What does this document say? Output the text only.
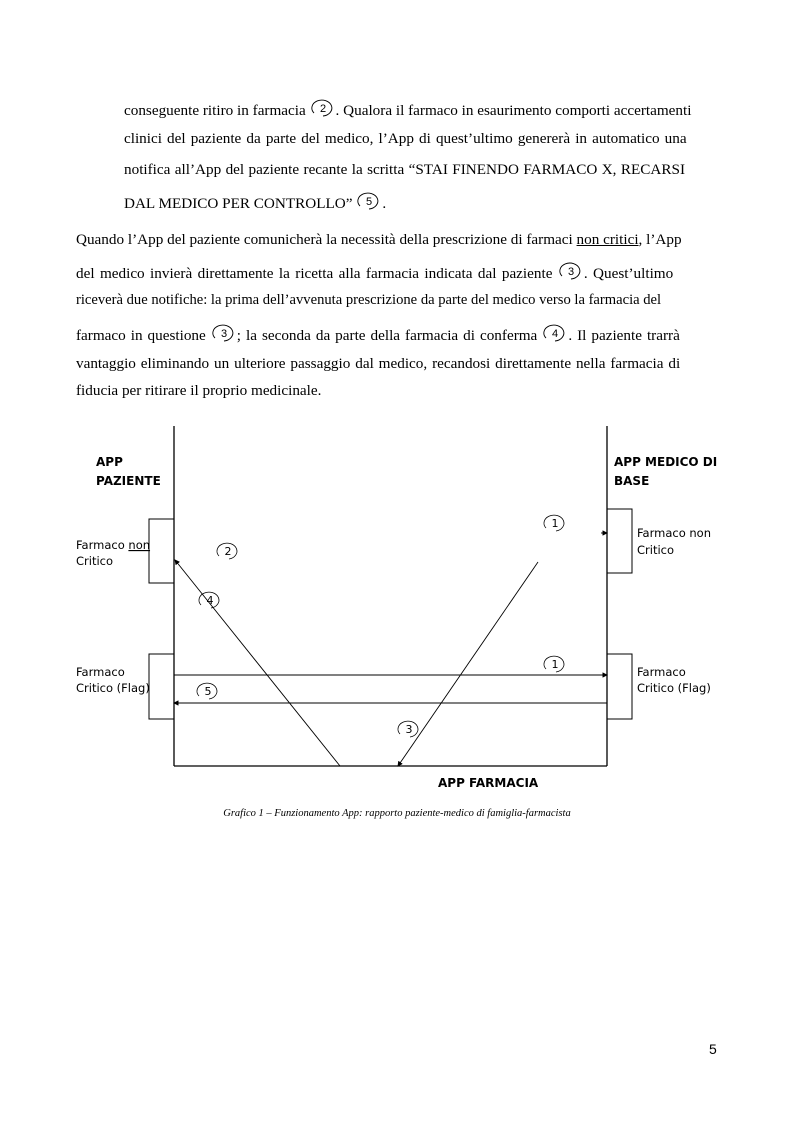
conseguente ritiro in farmacia 2 . Qualora il farmaco in esaurimento comporti accertamenti
clinici del paziente da parte del medico, l’App di quest’ultimo genererà in automatico una
notifica all’App del paziente recante la scritta “STAI FINENDO FARMACO X, RECARSI
DAL MEDICO PER CONTROLLO” 5 .
Quando l’App del paziente comunicherà la necessità della prescrizione di farmaci non critici, l’App
del medico invierà direttamente la ricetta alla farmacia indicata dal paziente 3 . Quest’ultimo
riceverà due notifiche: la prima dell’avvenuta prescrizione da parte del medico verso la farmacia del
farmaco in questione 3 ; la seconda da parte della farmacia di conferma 4 . Il paziente trarrà
vantaggio eliminando un ulteriore passaggio dal medico, recandosi direttamente nella farmacia di
fiducia per ritirare il proprio medicinale.
APP
PAZIENTE
APP MEDICO DI
BASE
APP FARMACIA
Farmaco non
Critico
Farmaco
Critico (Flag)
Farmaco non
Critico
Farmaco
Critico (Flag)
1
2
4
1
5
3
Grafico 1 – Funzionamento App: rapporto paziente-medico di famiglia-farmacista
5
